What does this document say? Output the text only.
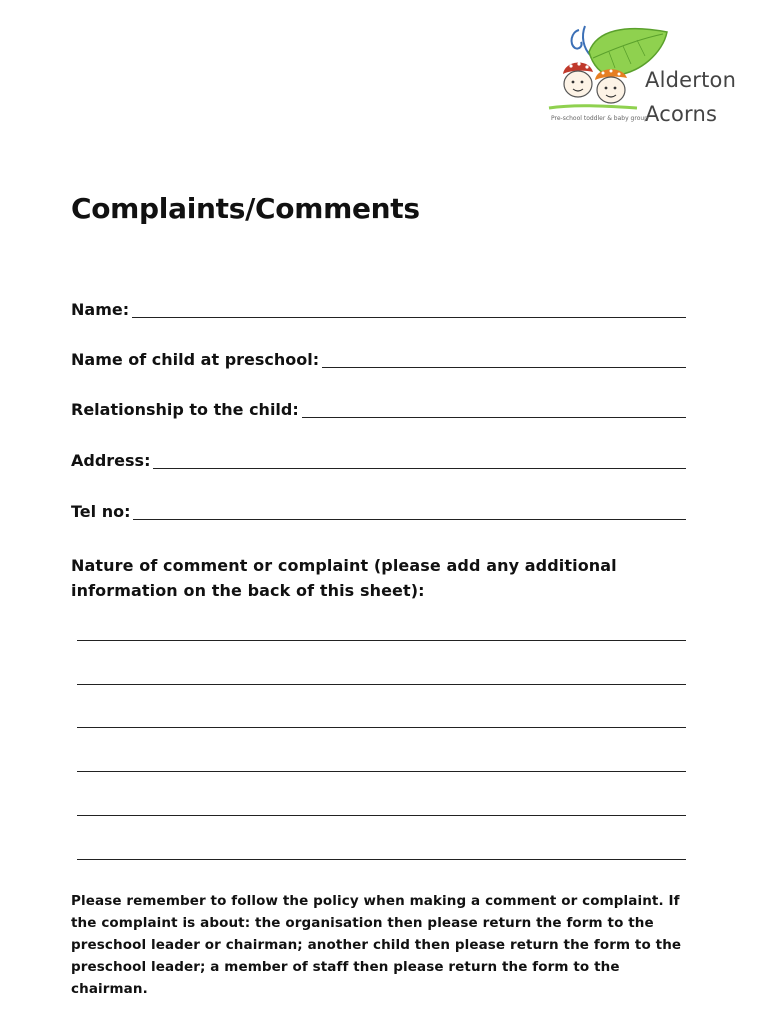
Alderton
Acorns
Pre-school toddler & baby group
Complaints/Comments
Name:
Name of child at preschool:
Relationship to the child:
Address:
Tel no:
Nature of comment or complaint (please add any additional information on the back of this sheet):
Please remember to follow the policy when making a comment or complaint. If the complaint is about: the organisation then please return the form to the preschool leader or chairman; another child then please return the form to the preschool leader; a member of staff then please return the form to the chairman.
